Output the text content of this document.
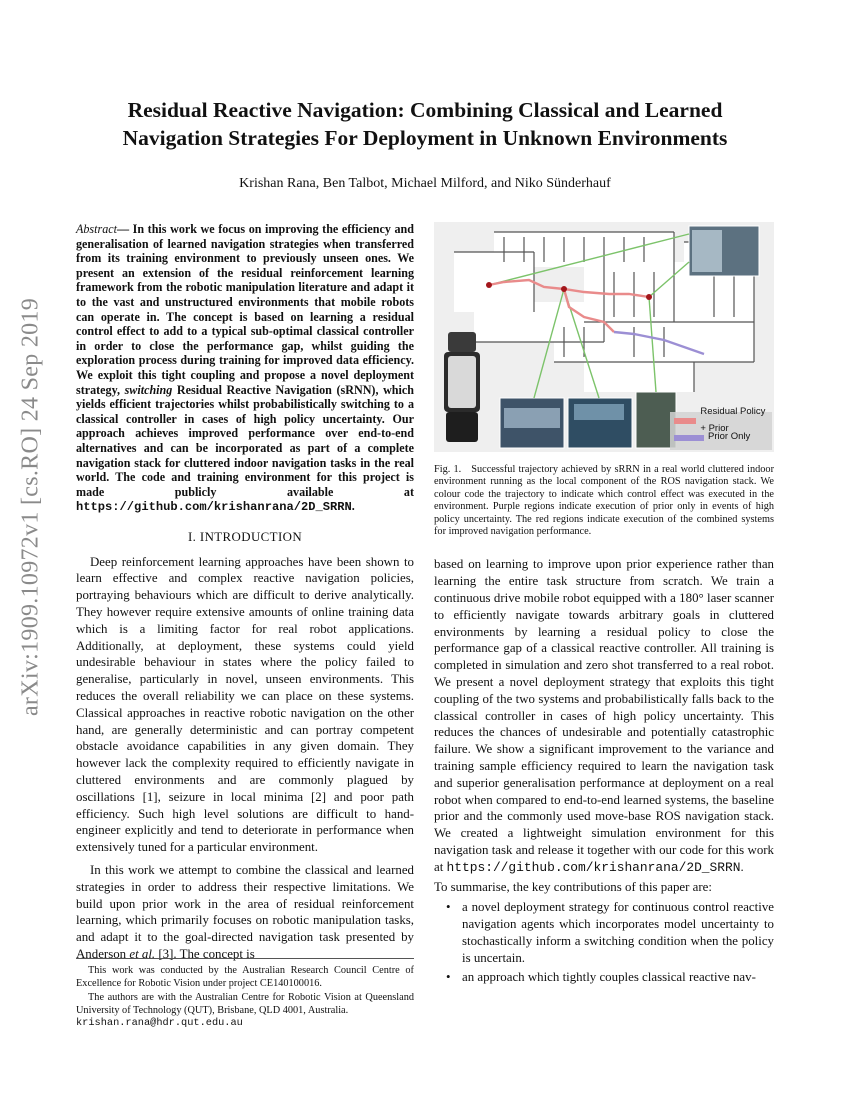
arXiv:1909.10972v1 [cs.RO] 24 Sep 2019
Residual Reactive Navigation: Combining Classical and Learned
Navigation Strategies For Deployment in Unknown Environments
Krishan Rana, Ben Talbot, Michael Milford, and Niko Sünderhauf
Abstract— In this work we focus on improving the efficiency and generalisation of learned navigation strategies when transferred from its training environment to previously unseen ones. We present an extension of the residual reinforcement learning framework from the robotic manipulation literature and adapt it to the vast and unstructured environments that mobile robots can operate in. The concept is based on learning a residual control effect to add to a typical sub-optimal classical controller in order to close the performance gap, whilst guiding the exploration process during training for improved data efficiency. We exploit this tight coupling and propose a novel deployment strategy, switching Residual Reactive Navigation (sRNN), which yields efficient trajectories whilst probabilistically switching to a classical controller in cases of high policy uncertainty. Our approach achieves improved performance over end-to-end alternatives and can be incorporated as part of a complete navigation stack for cluttered indoor navigation tasks in the real world. The code and training environment for this project is made publicly available at https://github.com/krishanrana/2D_SRRN.
I. INTRODUCTION

Deep reinforcement learning approaches have been shown to learn effective and complex reactive navigation policies, portraying behaviours which are difficult to derive analytically. They however require extensive amounts of online training data which is a limiting factor for real robot applications. Additionally, at deployment, these systems could yield undesirable behaviour in states where the policy failed to generalise, particularly in novel, unseen environments. This reduces the overall reliability we can place on these systems. Classical approaches in reactive robotic navigation on the other hand, are generally deterministic and can portray competent obstacle avoidance capabilities in any given domain. They however lack the complexity required to efficiently navigate in cluttered environments and are commonly plagued by oscillations [1], seizure in local minima [2] and poor path efficiency. Such high level solutions are difficult to hand-engineer explicitly and tend to deteriorate in performance when extensively tuned for a particular environment.

In this work we attempt to combine the classical and learned strategies in order to address their respective limitations. We build upon prior work in the area of residual reinforcement learning, which primarily focuses on robotic manipulation tasks, and adapt it to the goal-directed navigation task presented by Anderson et al. [3]. The concept is

This work was conducted by the Australian Research Council Centre of Excellence for Robotic Vision under project CE140100016.

The authors are with the Australian Centre for Robotic Vision at Queensland University of Technology (QUT), Brisbane, QLD 4001, Australia.
krishan.rana@hdr.qut.edu.au

Residual Policy + Prior
Prior Only
Fig. 1. Successful trajectory achieved by sRRN in a real world cluttered indoor environment running as the local component of the ROS navigation stack. We colour code the trajectory to indicate which control effect was executed in the environment. Purple regions indicate execution of prior only in events of high policy uncertainty. The red regions indicate execution of the combined systems for improved navigation performance.

based on learning to improve upon prior experience rather than learning the entire task structure from scratch. We train a continuous drive mobile robot equipped with a 180° laser scanner to efficiently navigate towards arbitrary goals in cluttered environments by learning a residual policy to close the performance gap of a classical reactive controller. All training is completed in simulation and zero shot transferred to a real robot. We present a novel deployment strategy that exploits this tight coupling of the two systems and probabilistically falls back to the classical controller in cases of high policy uncertainty. This reduces the chances of undesirable and potentially catastrophic failure. We show a significant improvement to the variance and training sample efficiency required to learn the navigation task and superior generalisation performance at deployment on a real robot when compared to end-to-end learned systems, the baseline prior and the commonly used move-base ROS navigation stack. We created a lightweight simulation environment for this navigation task and release it together with our code for this work at https://github.com/krishanrana/2D_SRRN.

To summarise, the key contributions of this paper are:

• a novel deployment strategy for continuous control reactive navigation agents which incorporates model uncertainty to stochastically inform a switching condition when the policy is uncertain.
• an approach which tightly couples classical reactive nav-
